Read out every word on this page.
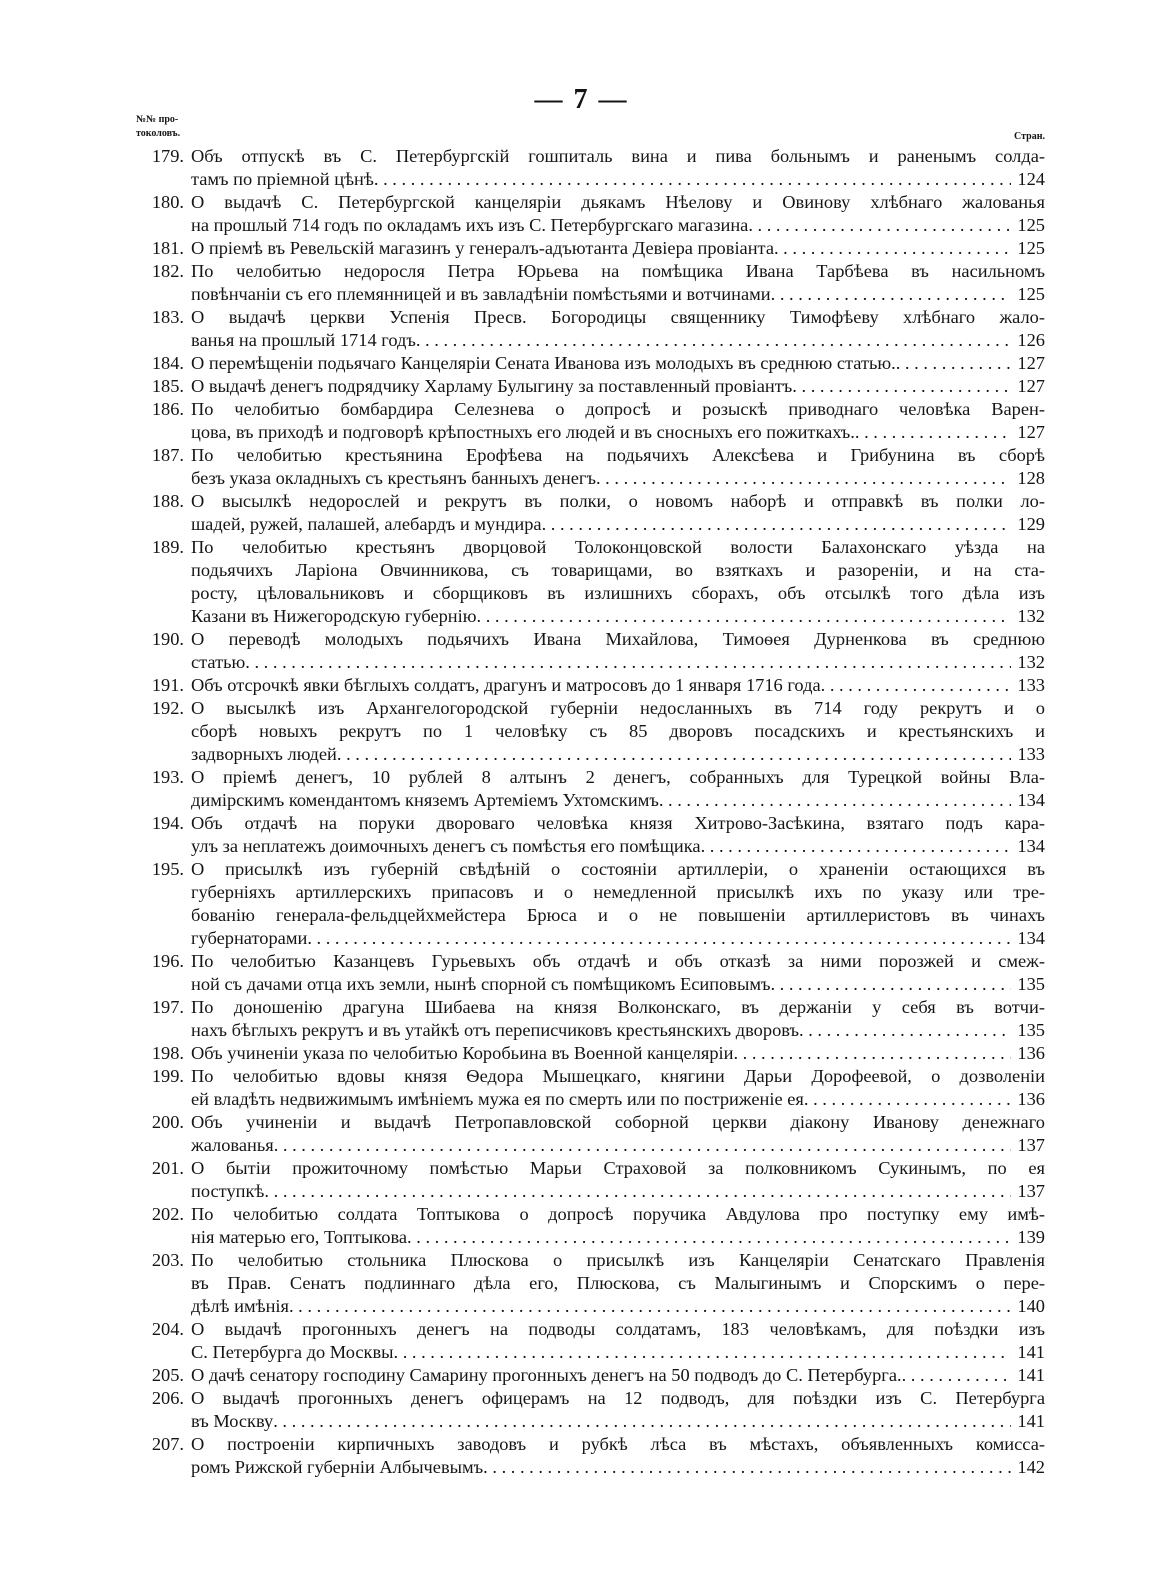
— 7 —
№№ про-
токоловъ.	Стран.
179. Объ отпускѣ въ С. Петербургскій гошпиталь вина и пива больнымъ и раненымъ солда-
тамъ по пріемной цѣнѣ . . .	124
180. О выдачѣ С. Петербургской канцеляріи дьякамъ Нѣелову и Овинову хлѣбнаго жалованья
на прошлый 714 годъ по окладамъ ихъ изъ С. Петербургскаго магазина . . .	125
181. О пріемѣ въ Ревельскій магазинъ у генералъ-адъютанта Девіера провіанта . . .	125
182. По челобитью недоросля Петра Юрьева на помѣщика Ивана Тарбѣева въ насильномъ
повѣнчаніи съ его племянницей и въ завладѣніи помѣстьями и вотчинами . . .	125
183. О выдачѣ церкви Успенія Пресв. Богородицы священнику Тимофѣеву хлѣбнаго жало-
ванья на прошлый 1714 годъ . . .	126
184. О перемѣщеніи подьячаго Канцеляріи Сената Иванова изъ молодыхъ въ среднюю статью. . . .	127
185. О выдачѣ денегъ подрядчику Харламу Булыгину за поставленный провіантъ . . .	127
186. По челобитью бомбардира Селезнева о допросѣ и розыскѣ приводнаго человѣка Варен-
цова, въ приходѣ и подговорѣ крѣпостныхъ его людей и въ сносныхъ его пожиткахъ. . . .	127
187. По челобитью крестьянина Ерофѣева на подьячихъ Алексѣева и Грибунина въ сборѣ
безъ указа окладныхъ съ крестьянъ банныхъ денегъ . . .	128
188. О высылкѣ недорослей и рекрутъ въ полки, о новомъ наборѣ и отправкѣ въ полки ло-
шадей, ружей, палашей, алебардъ и мундира . . .	129
189. По челобитью крестьянъ дворцовой Толоконцовской волости Балахонскаго уѣзда на
подьячихъ Ларіона Овчинникова, съ товарищами, во взяткахъ и разореніи, и на ста-
росту, цѣловальниковъ и сборщиковъ въ излишнихъ сборахъ, объ отсылкѣ того дѣла изъ
Казани въ Нижегородскую губернію . . .	132
190. О переводѣ молодыхъ подьячихъ Ивана Михайлова, Тимоѳея Дурненкова въ среднюю
статью . . .	132
191. Объ отсрочкѣ явки бѣглыхъ солдатъ, драгунъ и матросовъ до 1 января 1716 года . . .	133
192. О высылкѣ изъ Архангелогородской губерніи недосланныхъ въ 714 году рекрутъ и о
сборѣ новыхъ рекрутъ по 1 человѣку съ 85 дворовъ посадскихъ и крестьянскихъ и
задворныхъ людей . . .	133
193. О пріемѣ денегъ, 10 рублей 8 алтынъ 2 денегъ, собранныхъ для Турецкой войны Вла-
димірскимъ комендантомъ княземъ Артеміемъ Ухтомскимъ . . .	134
194. Объ отдачѣ на поруки двороваго человѣка князя Хитрово-Засѣкина, взятаго подъ кара-
улъ за неплатежъ доимочныхъ денегъ съ помѣстья его помѣщика . . .	134
195. О присылкѣ изъ губерній свѣдѣній о состояніи артиллеріи, о храненіи остающихся въ
губерніяхъ артиллерскихъ припасовъ и о немедленной присылкѣ ихъ по указу или тре-
бованію генерала-фельдцейхмейстера Брюса и о не повышеніи артиллеристовъ въ чинахъ
губернаторами . . .	134
196. По челобитью Казанцевъ Гурьевыхъ объ отдачѣ и объ отказѣ за ними порозжей и смеж-
ной съ дачами отца ихъ земли, нынѣ спорной съ помѣщикомъ Есиповымъ . . .	135
197. По доношенію драгуна Шибаева на князя Волконскаго, въ держаніи у себя въ вотчи-
нахъ бѣглыхъ рекрутъ и въ утайкѣ отъ переписчиковъ крестьянскихъ дворовъ . . .	135
198. Объ учиненіи указа по челобитью Коробьина въ Военной канцеляріи . . .	136
199. По челобитью вдовы князя Ѳедора Мышецкаго, княгини Дарьи Дорофеевой, о дозволеніи
ей владѣть недвижимымъ имѣніемъ мужа ея по смерть или по постриженіе ея . . .	136
200. Объ учиненіи и выдачѣ Петропавловской соборной церкви діакону Иванову денежнаго
жалованья . . .	137
201. О бытіи прожиточному помѣстью Марьи Страховой за полковникомъ Сукинымъ, по ея
поступкѣ . . .	137
202. По челобитью солдата Топтыкова о допросѣ поручика Авдулова про поступку ему имѣ-
нія матерью его, Топтыкова . . .	139
203. По челобитью стольника Плюскова о присылкѣ изъ Канцеляріи Сенатскаго Правленія
въ Прав. Сенатъ подлиннаго дѣла его, Плюскова, съ Малыгинымъ и Спорскимъ о пере-
дѣлѣ имѣнія . . .	140
204. О выдачѣ прогонныхъ денегъ на подводы солдатамъ, 183 человѣкамъ, для поѣздки изъ
С. Петербурга до Москвы . . .	141
205. О дачѣ сенатору господину Самарину прогонныхъ денегъ на 50 подводъ до С. Петербурга. . . .	141
206. О выдачѣ прогонныхъ денегъ офицерамъ на 12 подводъ, для поѣздки изъ С. Петербурга
въ Москву . . .	141
207. О построеніи кирпичныхъ заводовъ и рубкѣ лѣса въ мѣстахъ, объявленныхъ комисса-
ромъ Рижской губерніи Албычевымъ . . .	142
